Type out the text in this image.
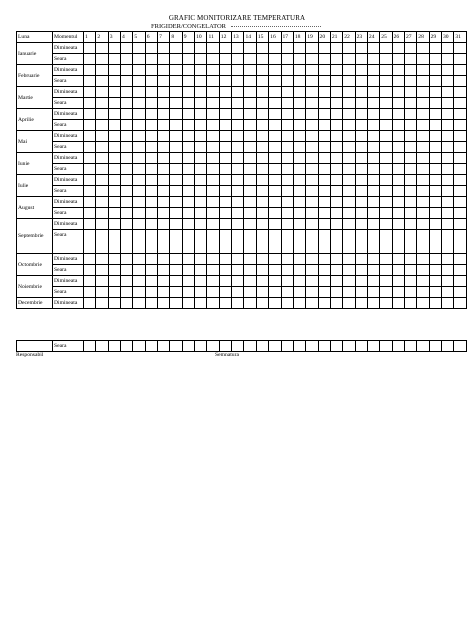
GRAFIC MONITORIZARE TEMPERATURA
FRIGIDER/CONGELATOR
Luna	Momentul	1	2	3	4	5	6	7	8	9	10	11	12	13	14	15	16	17	18	19	20	21	22	23	24	25	26	27	28	29	30	31
Ianuarie	Dimineata																															
	Seara																															
Februarie	Dimineata																															
	Seara																															
Martie	Dimineata																															
	Seara																															
Aprilie	Dimineata																															
	Seara																															
Mai	Dimineata																															
	Seara																															
Iunie	Dimineata																															
	Seara																															
Iulie	Dimineata																															
	Seara																															
August	Dimineata																															
	Seara																															
Septembrie	Dimineata																															
	Seara																															
Octombrie	Dimineata																															
	Seara																															
Noiembrie	Dimineata																															
	Seara																															
Decembrie	Dimineata																															
	Seara																															
Responsabil	Semnatura
